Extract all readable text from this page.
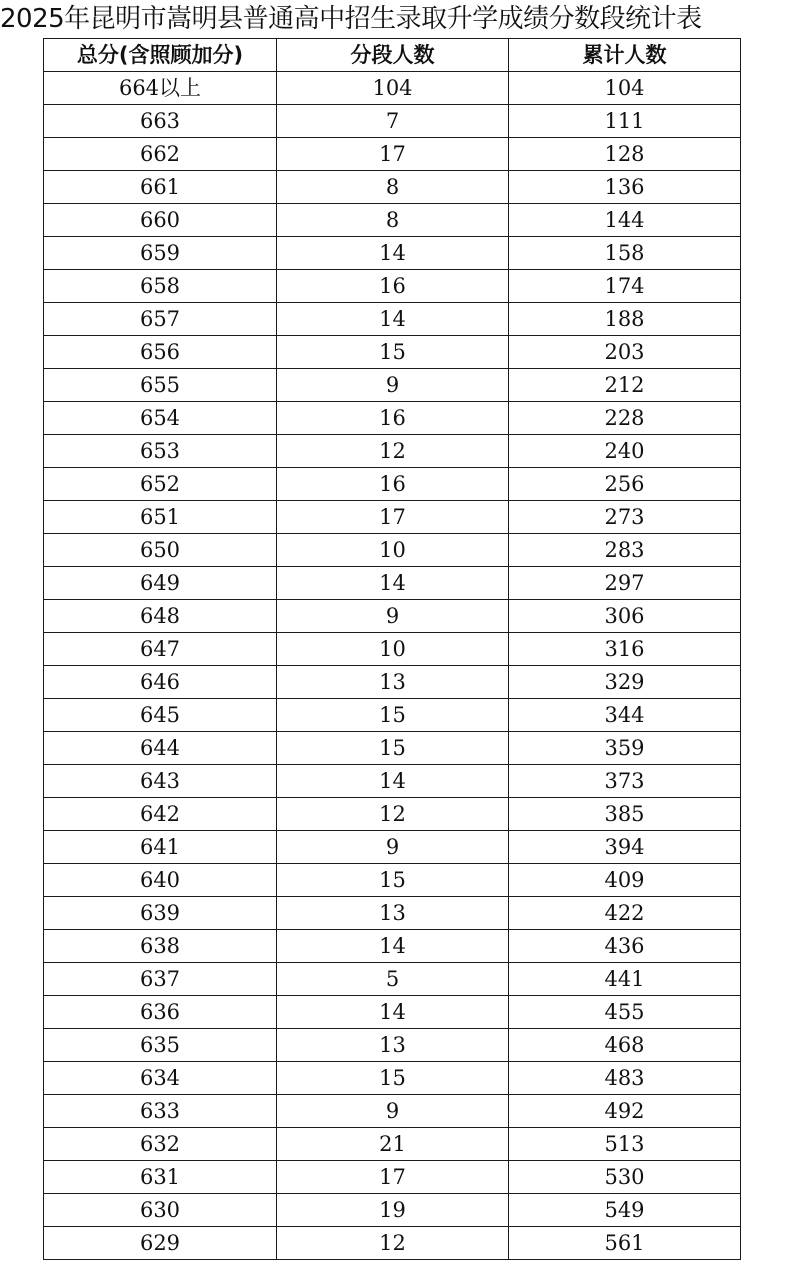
2025年昆明市嵩明县普通高中招生录取升学成绩分数段统计表
总分(含照顾加分)	分段人数	累计人数
664以上	104	104
663	7	111
662	17	128
661	8	136
660	8	144
659	14	158
658	16	174
657	14	188
656	15	203
655	9	212
654	16	228
653	12	240
652	16	256
651	17	273
650	10	283
649	14	297
648	9	306
647	10	316
646	13	329
645	15	344
644	15	359
643	14	373
642	12	385
641	9	394
640	15	409
639	13	422
638	14	436
637	5	441
636	14	455
635	13	468
634	15	483
633	9	492
632	21	513
631	17	530
630	19	549
629	12	561
